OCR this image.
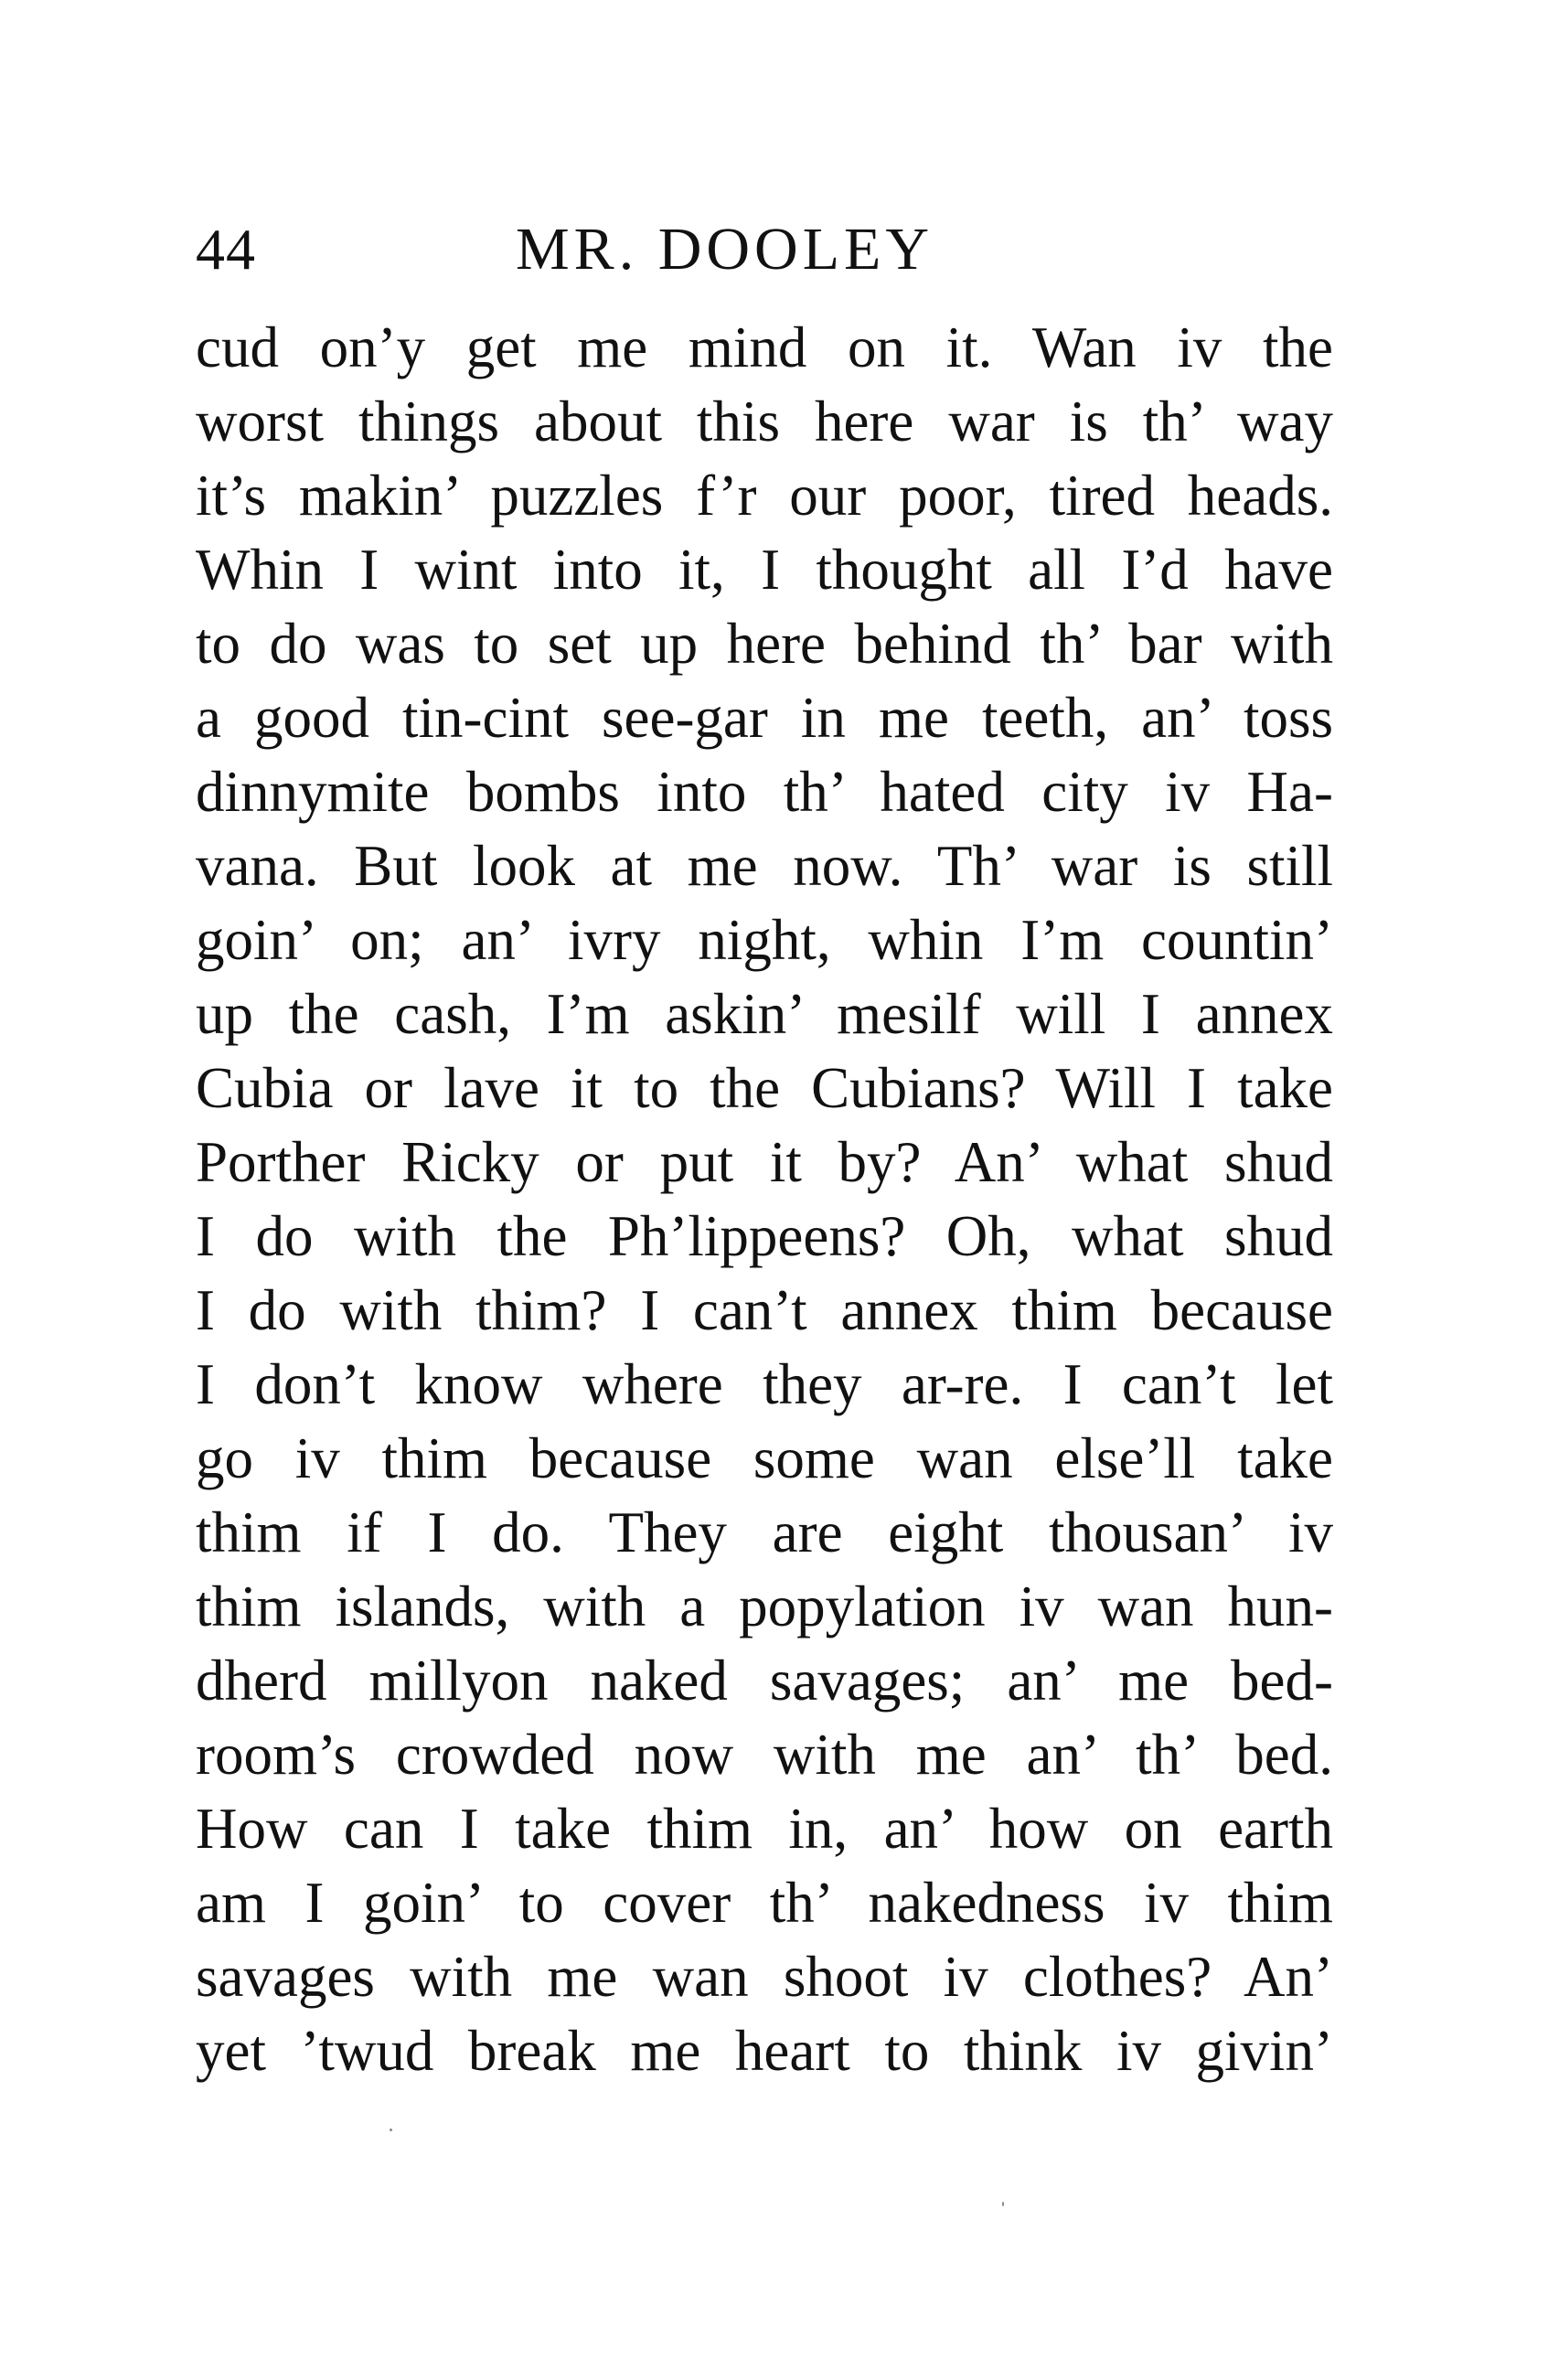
44	MR. DOOLEY
cud on’y get me mind on it. Wan iv the
worst things about this here war is th’ way
it’s makin’ puzzles f’r our poor, tired heads.
Whin I wint into it, I thought all I’d have
to do was to set up here behind th’ bar with
a good tin-cint see-gar in me teeth, an’ toss
dinnymite bombs into th’ hated city iv Ha-
vana. But look at me now. Th’ war is still
goin’ on; an’ ivry night, whin I’m countin’
up the cash, I’m askin’ mesilf will I annex
Cubia or lave it to the Cubians? Will I take
Porther Ricky or put it by? An’ what shud
I do with the Ph’lippeens? Oh, what shud
I do with thim? I can’t annex thim because
I don’t know where they ar-re. I can’t let
go iv thim because some wan else’ll take
thim if I do. They are eight thousan’ iv
thim islands, with a popylation iv wan hun-
dherd millyon naked savages; an’ me bed-
room’s crowded now with me an’ th’ bed.
How can I take thim in, an’ how on earth
am I goin’ to cover th’ nakedness iv thim
savages with me wan shoot iv clothes? An’
yet ’twud break me heart to think iv givin’
